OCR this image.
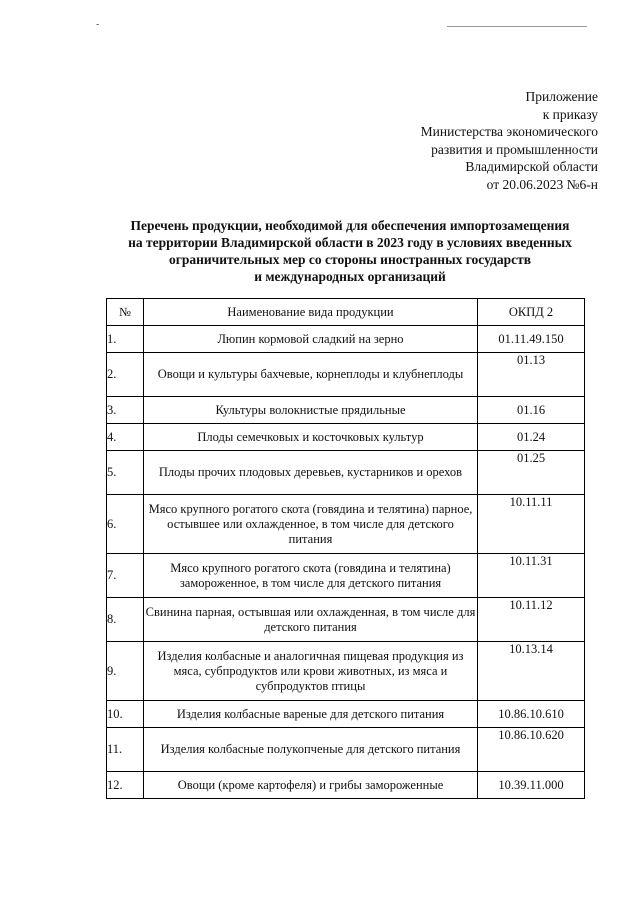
-
Приложение
к приказу
Министерства экономического
развития и промышленности
Владимирской области
от 20.06.2023 №6-н
Перечень продукции, необходимой для обеспечения импортозамещения
на территории Владимирской области в 2023 году в условиях введенных
ограничительных мер со стороны иностранных государств
и международных организаций
№	Наименование вида продукции	ОКПД 2
1.	Люпин кормовой сладкий на зерно	01.11.49.150
2.	Овощи и культуры бахчевые, корнеплоды и клубнеплоды	01.13
3.	Культуры волокнистые прядильные	01.16
4.	Плоды семечковых и косточковых культур	01.24
5.	Плоды прочих плодовых деревьев, кустарников и орехов	01.25
6.	Мясо крупного рогатого скота (говядина и телятина) парное, остывшее или охлажденное, в том числе для детского питания	10.11.11
7.	Мясо крупного рогатого скота (говядина и телятина) замороженное, в том числе для детского питания	10.11.31
8.	Свинина парная, остывшая или охлажденная, в том числе для детского питания	10.11.12
9.	Изделия колбасные и аналогичная пищевая продукция из мяса, субпродуктов или крови животных, из мяса и субпродуктов птицы	10.13.14
10.	Изделия колбасные вареные для детского питания	10.86.10.610
11.	Изделия колбасные полукопченые для детского питания	10.86.10.620
12.	Овощи (кроме картофеля) и грибы замороженные	10.39.11.000
